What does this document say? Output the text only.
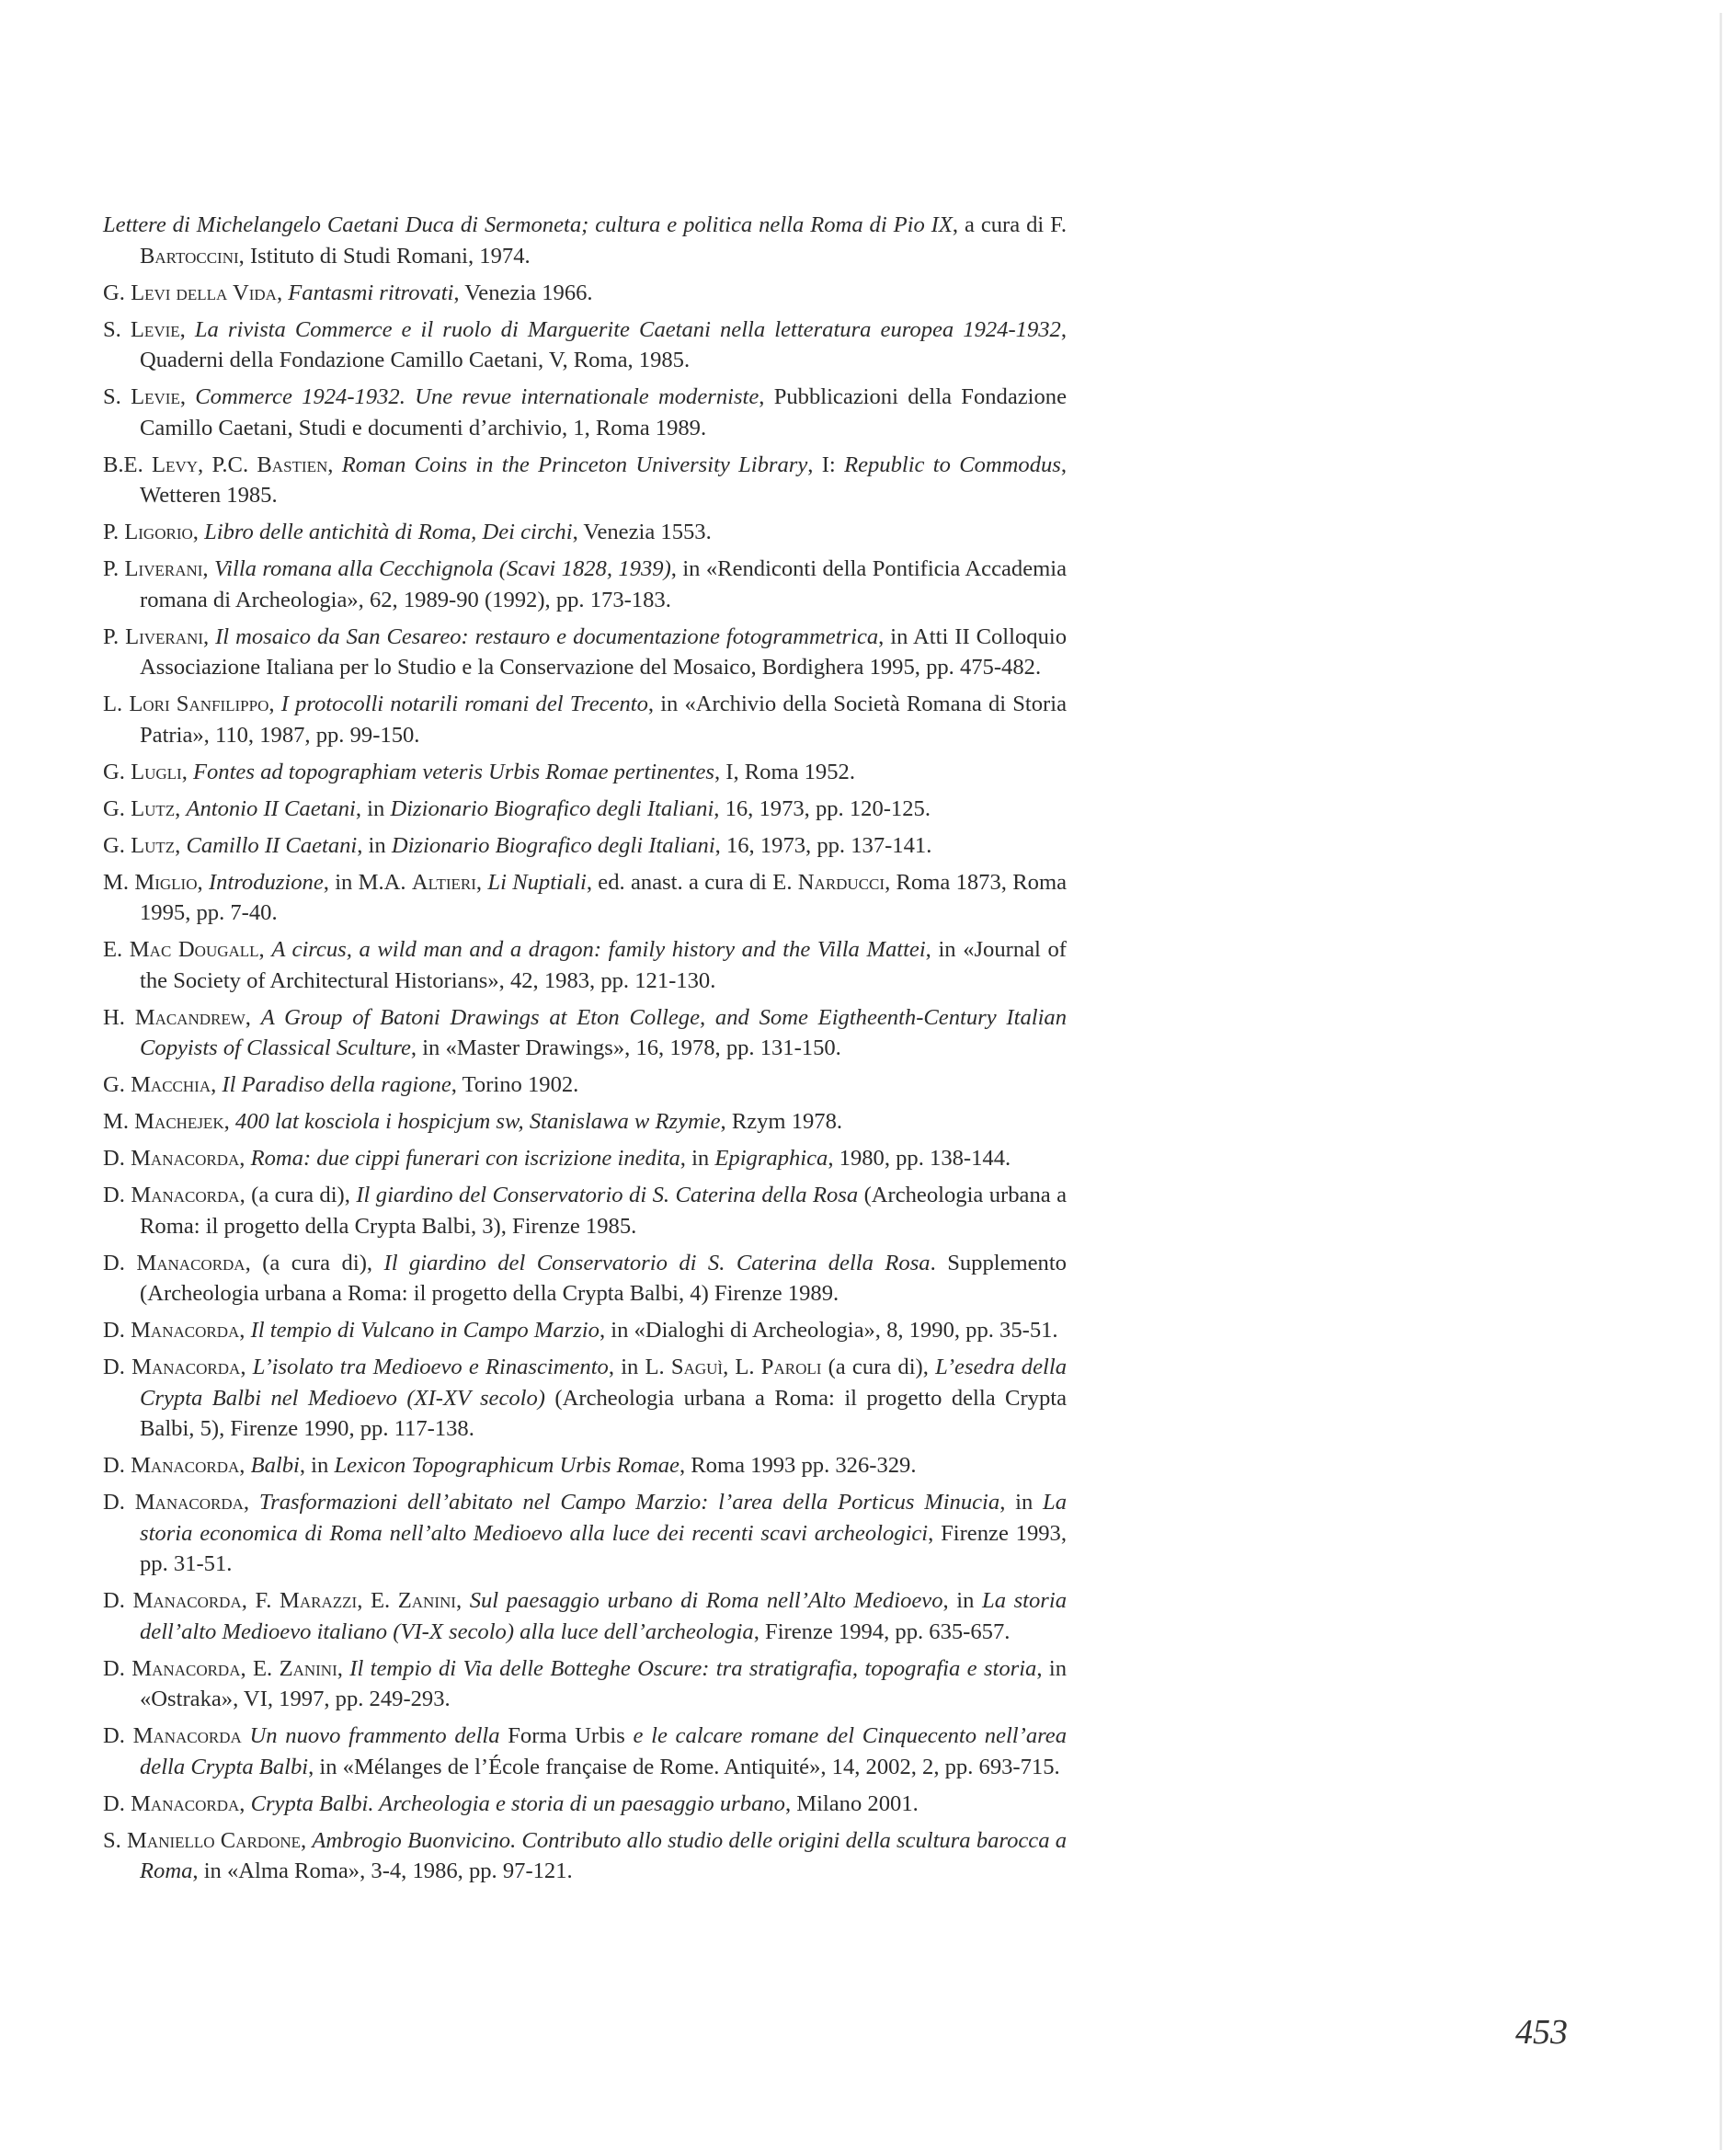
Lettere di Michelangelo Caetani Duca di Sermoneta; cultura e politica nella Roma di Pio IX, a cura di F. Bartoccini, Istituto di Studi Romani, 1974.

G. Levi della Vida, Fantasmi ritrovati, Venezia 1966.

S. Levie, La rivista Commerce e il ruolo di Marguerite Caetani nella letteratura europea 1924-1932, Quaderni della Fondazione Camillo Caetani, V, Roma, 1985.

S. Levie, Commerce 1924-1932. Une revue internationale moderniste, Pubblicazioni della Fondazione Camillo Caetani, Studi e documenti d’archivio, 1, Roma 1989.

B.E. Levy, P.C. Bastien, Roman Coins in the Princeton University Library, I: Republic to Commodus, Wetteren 1985.

P. Ligorio, Libro delle antichità di Roma, Dei circhi, Venezia 1553.

P. Liverani, Villa romana alla Cecchignola (Scavi 1828, 1939), in «Rendiconti della Pontificia Accademia romana di Archeologia», 62, 1989-90 (1992), pp. 173-183.

P. Liverani, Il mosaico da San Cesareo: restauro e documentazione fotogrammetrica, in Atti II Colloquio Associazione Italiana per lo Studio e la Conservazione del Mosaico, Bordighera 1995, pp. 475-482.

L. Lori Sanfilippo, I protocolli notarili romani del Trecento, in «Archivio della Società Romana di Storia Patria», 110, 1987, pp. 99-150.

G. Lugli, Fontes ad topographiam veteris Urbis Romae pertinentes, I, Roma 1952.

G. Lutz, Antonio II Caetani, in Dizionario Biografico degli Italiani, 16, 1973, pp. 120-125.

G. Lutz, Camillo II Caetani, in Dizionario Biografico degli Italiani, 16, 1973, pp. 137-141.

M. Miglio, Introduzione, in M.A. Altieri, Li Nuptiali, ed. anast. a cura di E. Narducci, Roma 1873, Roma 1995, pp. 7-40.

E. Mac Dougall, A circus, a wild man and a dragon: family history and the Villa Mattei, in «Journal of the Society of Architectural Historians», 42, 1983, pp. 121-130.

H. Macandrew, A Group of Batoni Drawings at Eton College, and Some Eigtheenth-Century Italian Copyists of Classical Sculture, in «Master Drawings», 16, 1978, pp. 131-150.

G. Macchia, Il Paradiso della ragione, Torino 1902.

M. Machejek, 400 lat kosciola i hospicjum sw, Stanislawa w Rzymie, Rzym 1978.

D. Manacorda, Roma: due cippi funerari con iscrizione inedita, in Epigraphica, 1980, pp. 138-144.

D. Manacorda, (a cura di), Il giardino del Conservatorio di S. Caterina della Rosa (Archeologia urbana a Roma: il progetto della Crypta Balbi, 3), Firenze 1985.

D. Manacorda, (a cura di), Il giardino del Conservatorio di S. Caterina della Rosa. Supplemento (Archeologia urbana a Roma: il progetto della Crypta Balbi, 4) Firenze 1989.

D. Manacorda, Il tempio di Vulcano in Campo Marzio, in «Dialoghi di Archeologia», 8, 1990, pp. 35-51.

D. Manacorda, L’isolato tra Medioevo e Rinascimento, in L. Saguì, L. Paroli (a cura di), L’esedra della Crypta Balbi nel Medioevo (XI-XV secolo) (Archeologia urbana a Roma: il progetto della Crypta Balbi, 5), Firenze 1990, pp. 117-138.

D. Manacorda, Balbi, in Lexicon Topographicum Urbis Romae, Roma 1993 pp. 326-329.

D. Manacorda, Trasformazioni dell’abitato nel Campo Marzio: l’area della Porticus Minucia, in La storia economica di Roma nell’alto Medioevo alla luce dei recenti scavi archeologici, Firenze 1993, pp. 31-51.

D. Manacorda, F. Marazzi, E. Zanini, Sul paesaggio urbano di Roma nell’Alto Medioevo, in La storia dell’alto Medioevo italiano (VI-X secolo) alla luce dell’archeologia, Firenze 1994, pp. 635-657.

D. Manacorda, E. Zanini, Il tempio di Via delle Botteghe Oscure: tra stratigrafia, topografia e storia, in «Ostraka», VI, 1997, pp. 249-293.

D. Manacorda Un nuovo frammento della Forma Urbis e le calcare romane del Cinquecento nell’area della Crypta Balbi, in «Mélanges de l’École française de Rome. Antiquité», 14, 2002, 2, pp. 693-715.

D. Manacorda, Crypta Balbi. Archeologia e storia di un paesaggio urbano, Milano 2001.

S. Maniello Cardone, Ambrogio Buonvicino. Contributo allo studio delle origini della scultura barocca a Roma, in «Alma Roma», 3-4, 1986, pp. 97-121.

453
